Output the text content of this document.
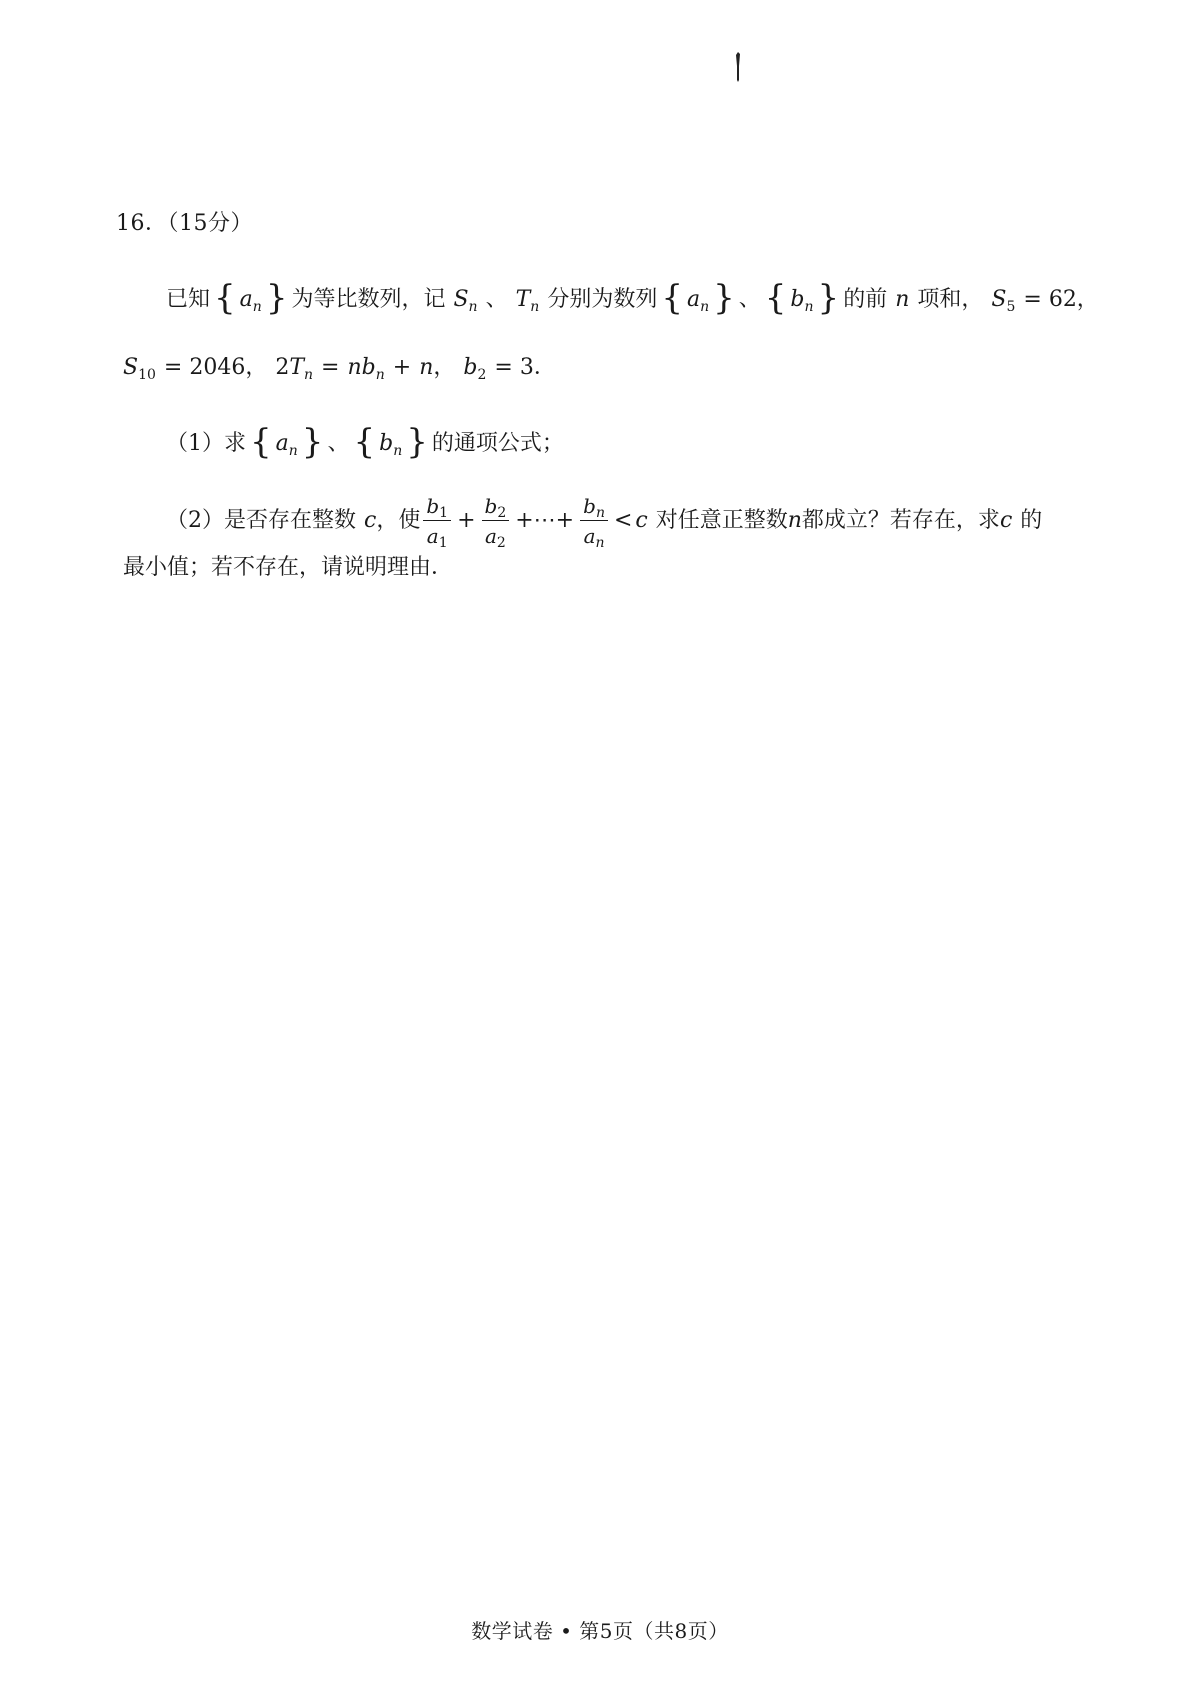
16．（15分）
已知 { a n } 为等比数列，记 S n 、 T n 分别为数列 { a n } 、 { b n } 的前 n 项和， S 5 = 62，
S 10 = 2046， 2 T n = nb n + n ， b 2 = 3．
（1）求 { a n } 、 { b n } 的通项公式；
（2）是否存在整数 c ，使 $\frac{b_1}{a_1} + \frac{b_2}{a_2}$ +⋯+ $\frac{b_n}{a_n} < c$ 对任意正整数 n 都成立？若存在，求 c 的
最小值；若不存在，请说明理由．
数学试卷 • 第5页（共8页）
